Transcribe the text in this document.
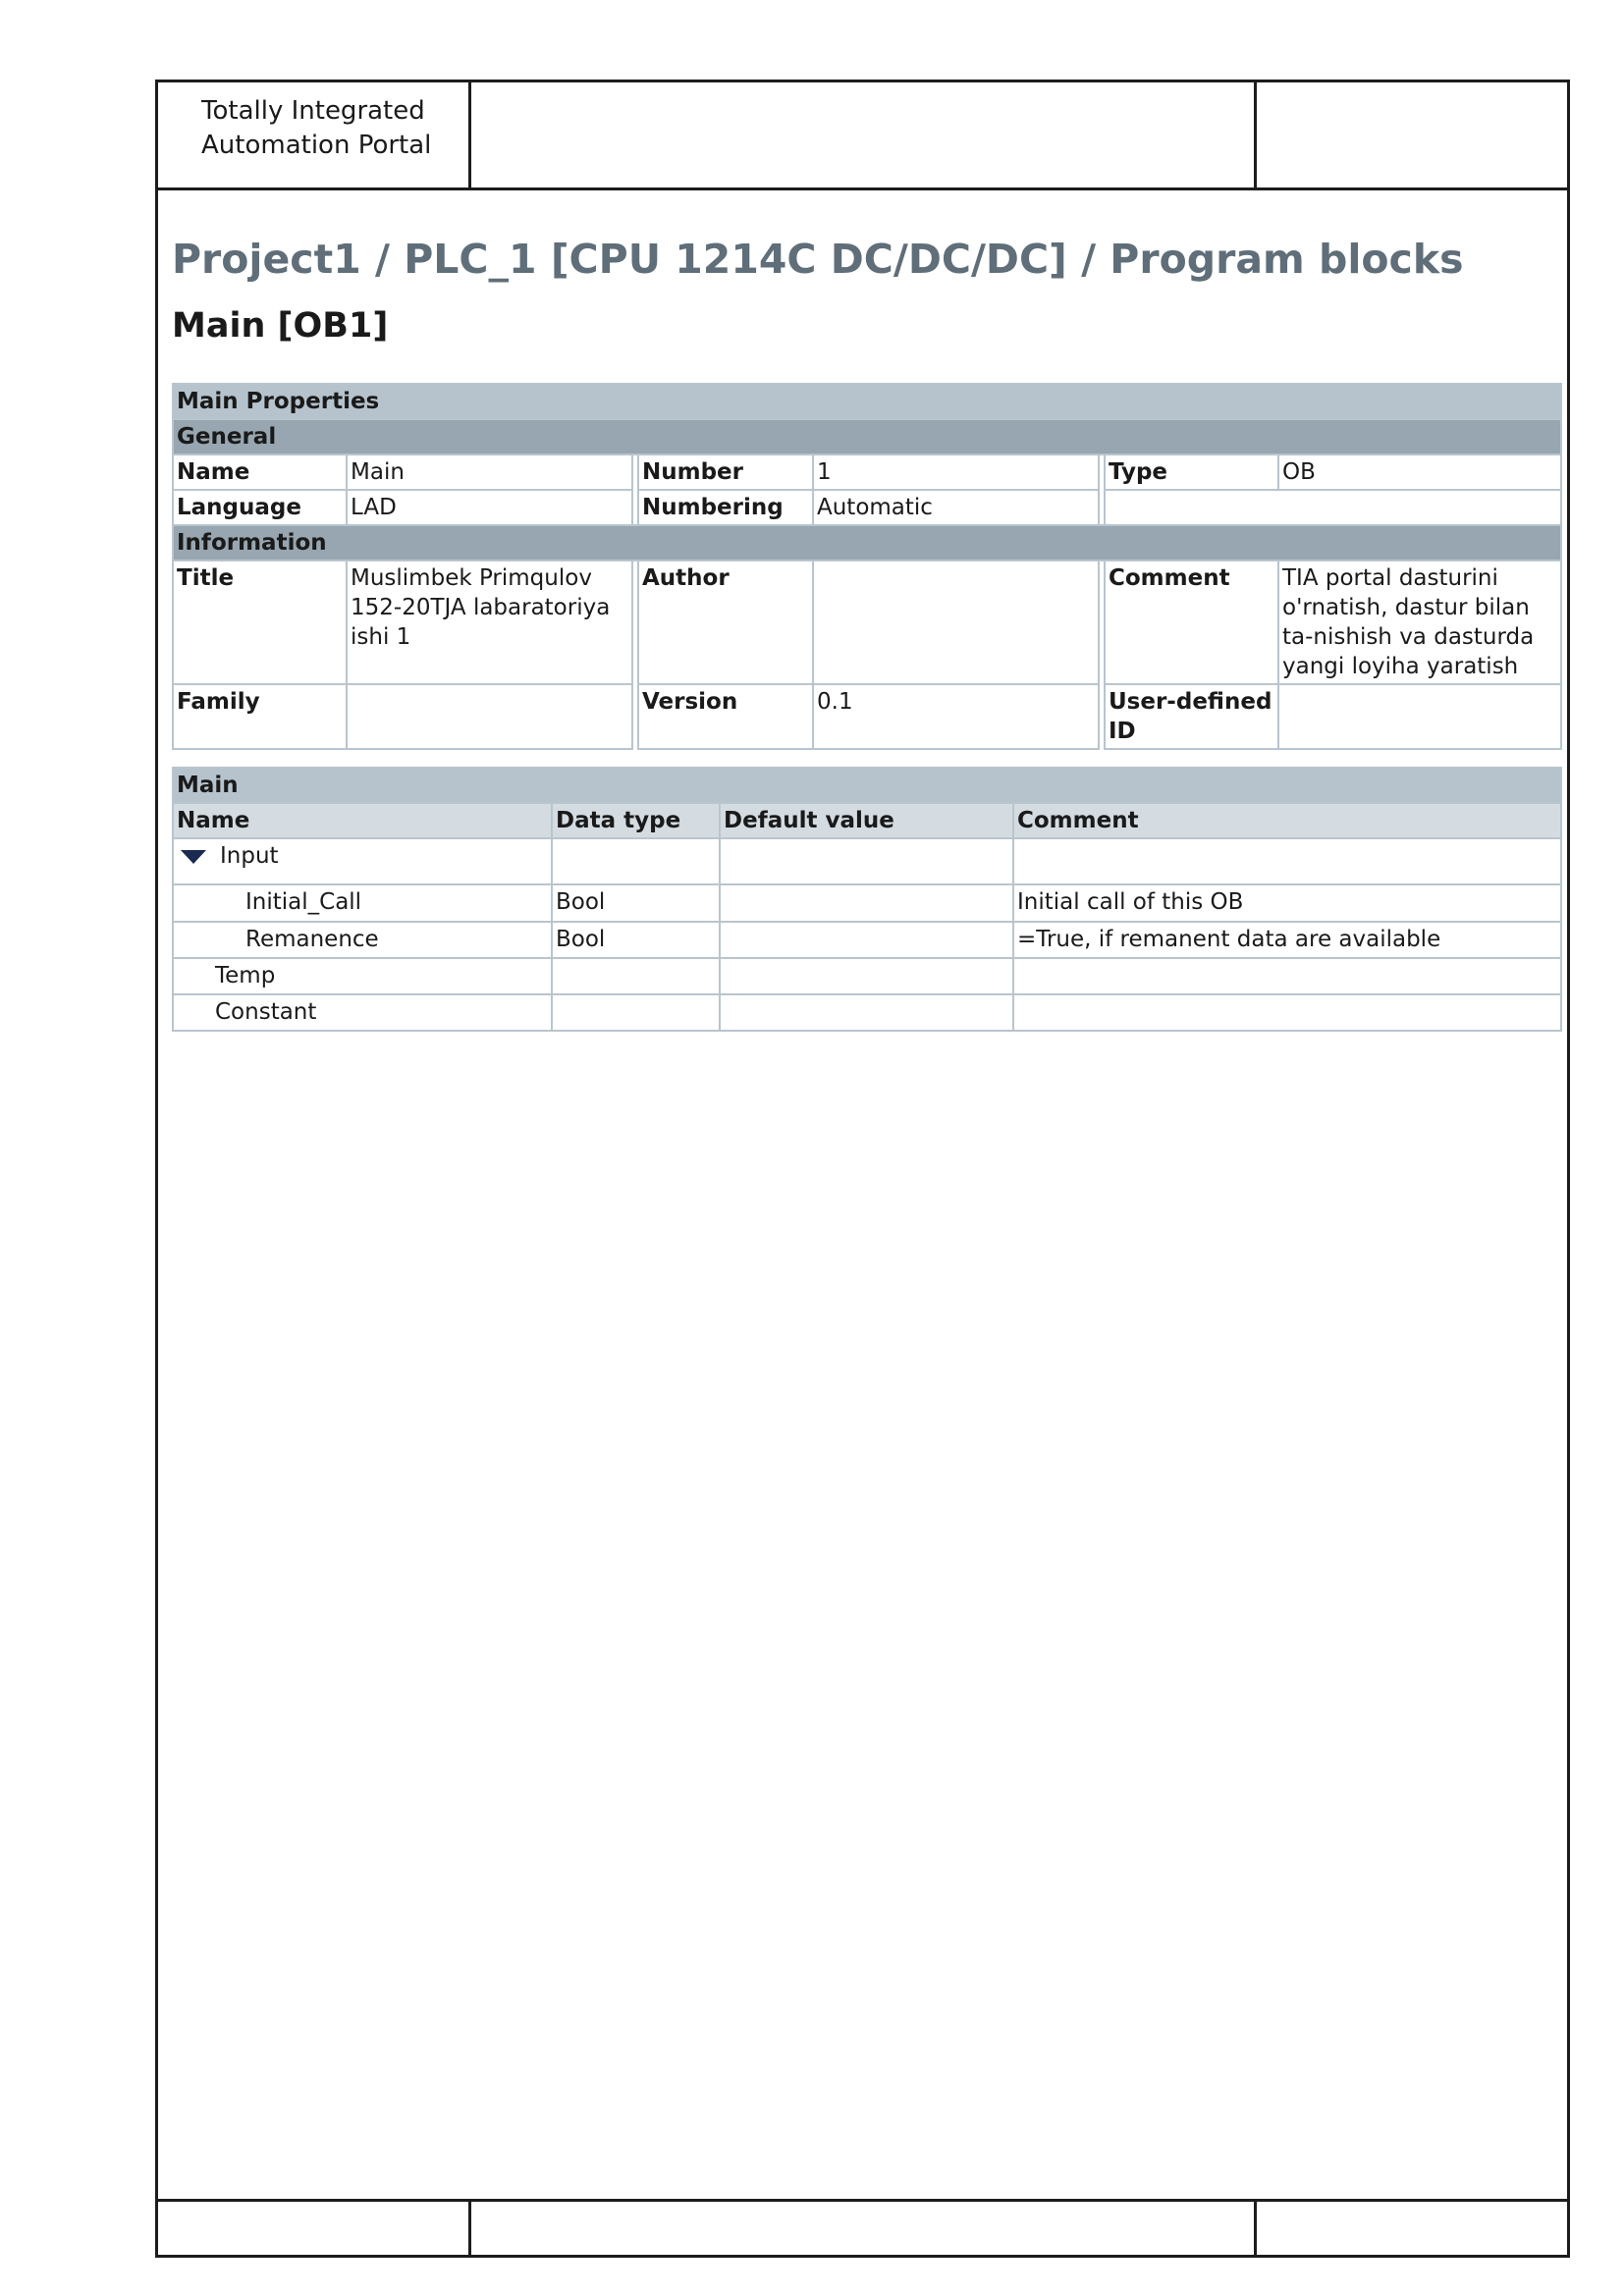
Totally Integrated
Automation Portal
Project1 / PLC_1 [CPU 1214C DC/DC/DC] / Program blocks
Main [OB1]
Main Properties							
General							
Name	Main		Number	1		Type	OB
Language	LAD		Numbering	Automatic			
Information							
Title	Muslimbek Primqulov 152-20TJA labaratoriya ishi 1		Author			Comment	TIA portal dasturini o'rnatish, dastur bilan ta-nishish va dasturda yangi loyiha yaratish
Family			Version	0.1		User-defined ID	
Main			
Name	Data type	Default value	Comment
Input			
Initial_Call	Bool		Initial call of this OB
Remanence	Bool		=True, if remanent data are available
Temp			
Constant			
